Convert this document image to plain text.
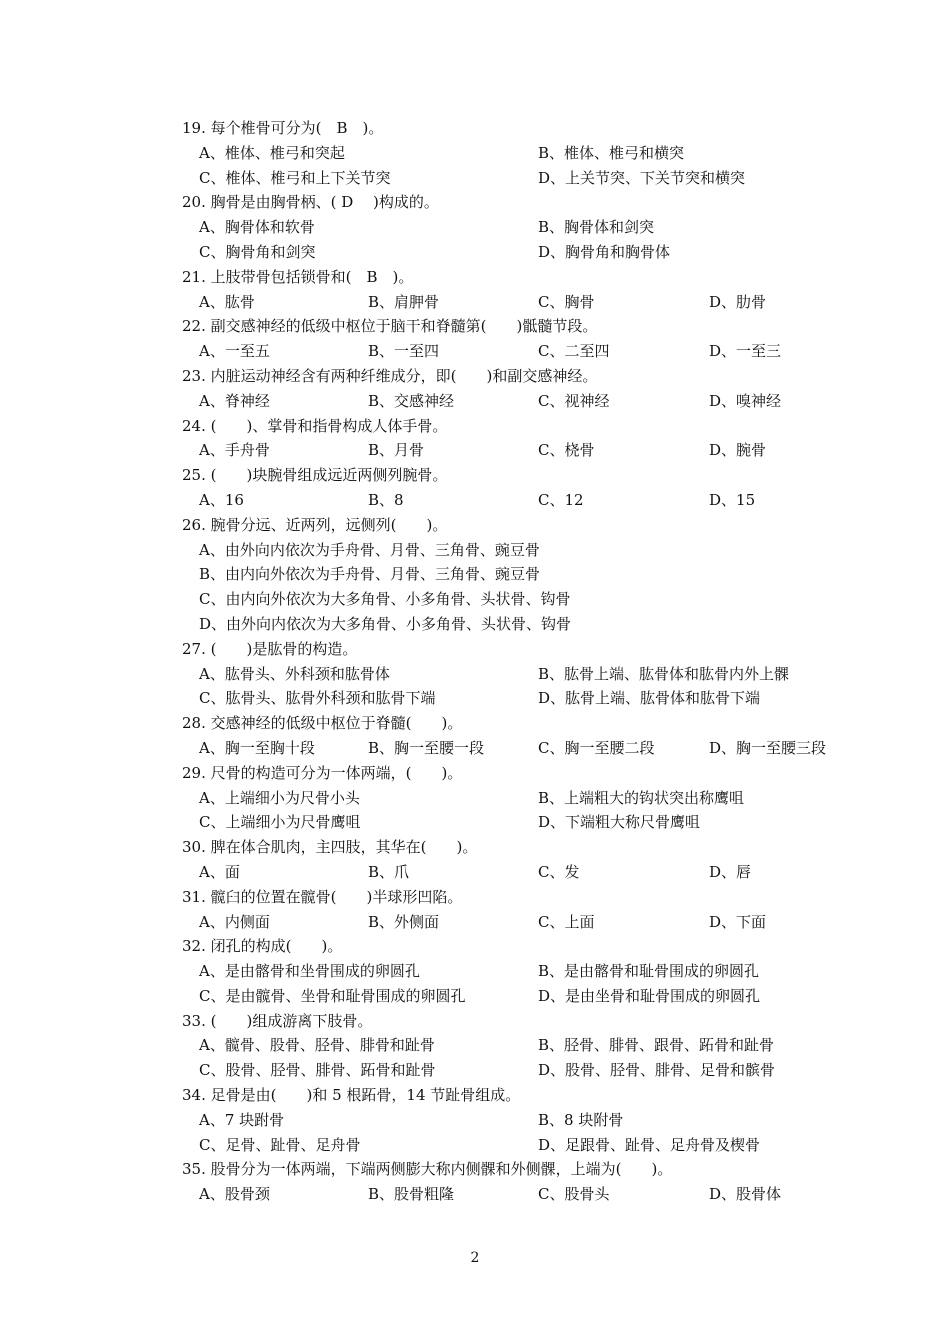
19. 每个椎骨可分为(　B　)。
A、椎体、椎弓和突起	B、椎体、椎弓和横突
C、椎体、椎弓和上下关节突	D、上关节突、下关节突和横突
20. 胸骨是由胸骨柄、( D　 )构成的。
A、胸骨体和软骨	B、胸骨体和剑突
C、胸骨角和剑突	D、胸骨角和胸骨体
21. 上肢带骨包括锁骨和(　B　)。
A、肱骨	B、肩胛骨	C、胸骨	D、肋骨
22. 副交感神经的低级中枢位于脑干和脊髓第(　　)骶髓节段。
A、一至五	B、一至四	C、二至四	D、一至三
23. 内脏运动神经含有两种纤维成分，即(　　)和副交感神经。
A、脊神经	B、交感神经	C、视神经	D、嗅神经
24. (　　)、掌骨和指骨构成人体手骨。
A、手舟骨	B、月骨	C、桡骨	D、腕骨
25. (　　)块腕骨组成远近两侧列腕骨。
A、16	B、8	C、12	D、15
26. 腕骨分远、近两列，远侧列(　　)。
A、由外向内依次为手舟骨、月骨、三角骨、豌豆骨
B、由内向外依次为手舟骨、月骨、三角骨、豌豆骨
C、由内向外依次为大多角骨、小多角骨、头状骨、钩骨
D、由外向内依次为大多角骨、小多角骨、头状骨、钩骨
27. (　　)是肱骨的构造。
A、肱骨头、外科颈和肱骨体	B、肱骨上端、肱骨体和肱骨内外上髁
C、肱骨头、肱骨外科颈和肱骨下端	D、肱骨上端、肱骨体和肱骨下端
28. 交感神经的低级中枢位于脊髓(　　)。
A、胸一至胸十段	B、胸一至腰一段	C、胸一至腰二段	D、胸一至腰三段
29. 尺骨的构造可分为一体两端，(　　)。
A、上端细小为尺骨小头	B、上端粗大的钩状突出称鹰咀
C、上端细小为尺骨鹰咀	D、下端粗大称尺骨鹰咀
30. 脾在体合肌肉，主四肢，其华在(　　)。
A、面	B、爪	C、发	D、唇
31. 髋臼的位置在髋骨(　　)半球形凹陷。
A、内侧面	B、外侧面	C、上面	D、下面
32. 闭孔的构成(　　)。
A、是由髂骨和坐骨围成的卵圆孔	B、是由髂骨和耻骨围成的卵圆孔
C、是由髋骨、坐骨和耻骨围成的卵圆孔	D、是由坐骨和耻骨围成的卵圆孔
33. (　　)组成游离下肢骨。
A、髋骨、股骨、胫骨、腓骨和趾骨	B、胫骨、腓骨、跟骨、跖骨和趾骨
C、股骨、胫骨、腓骨、跖骨和趾骨	D、股骨、胫骨、腓骨、足骨和髌骨
34. 足骨是由(　　)和 5 根跖骨，14 节趾骨组成。
A、7 块跗骨	B、8 块附骨
C、足骨、趾骨、足舟骨	D、足跟骨、趾骨、足舟骨及楔骨
35. 股骨分为一体两端，下端两侧膨大称内侧髁和外侧髁，上端为(　　)。
A、股骨颈	B、股骨粗隆	C、股骨头	D、股骨体
2
